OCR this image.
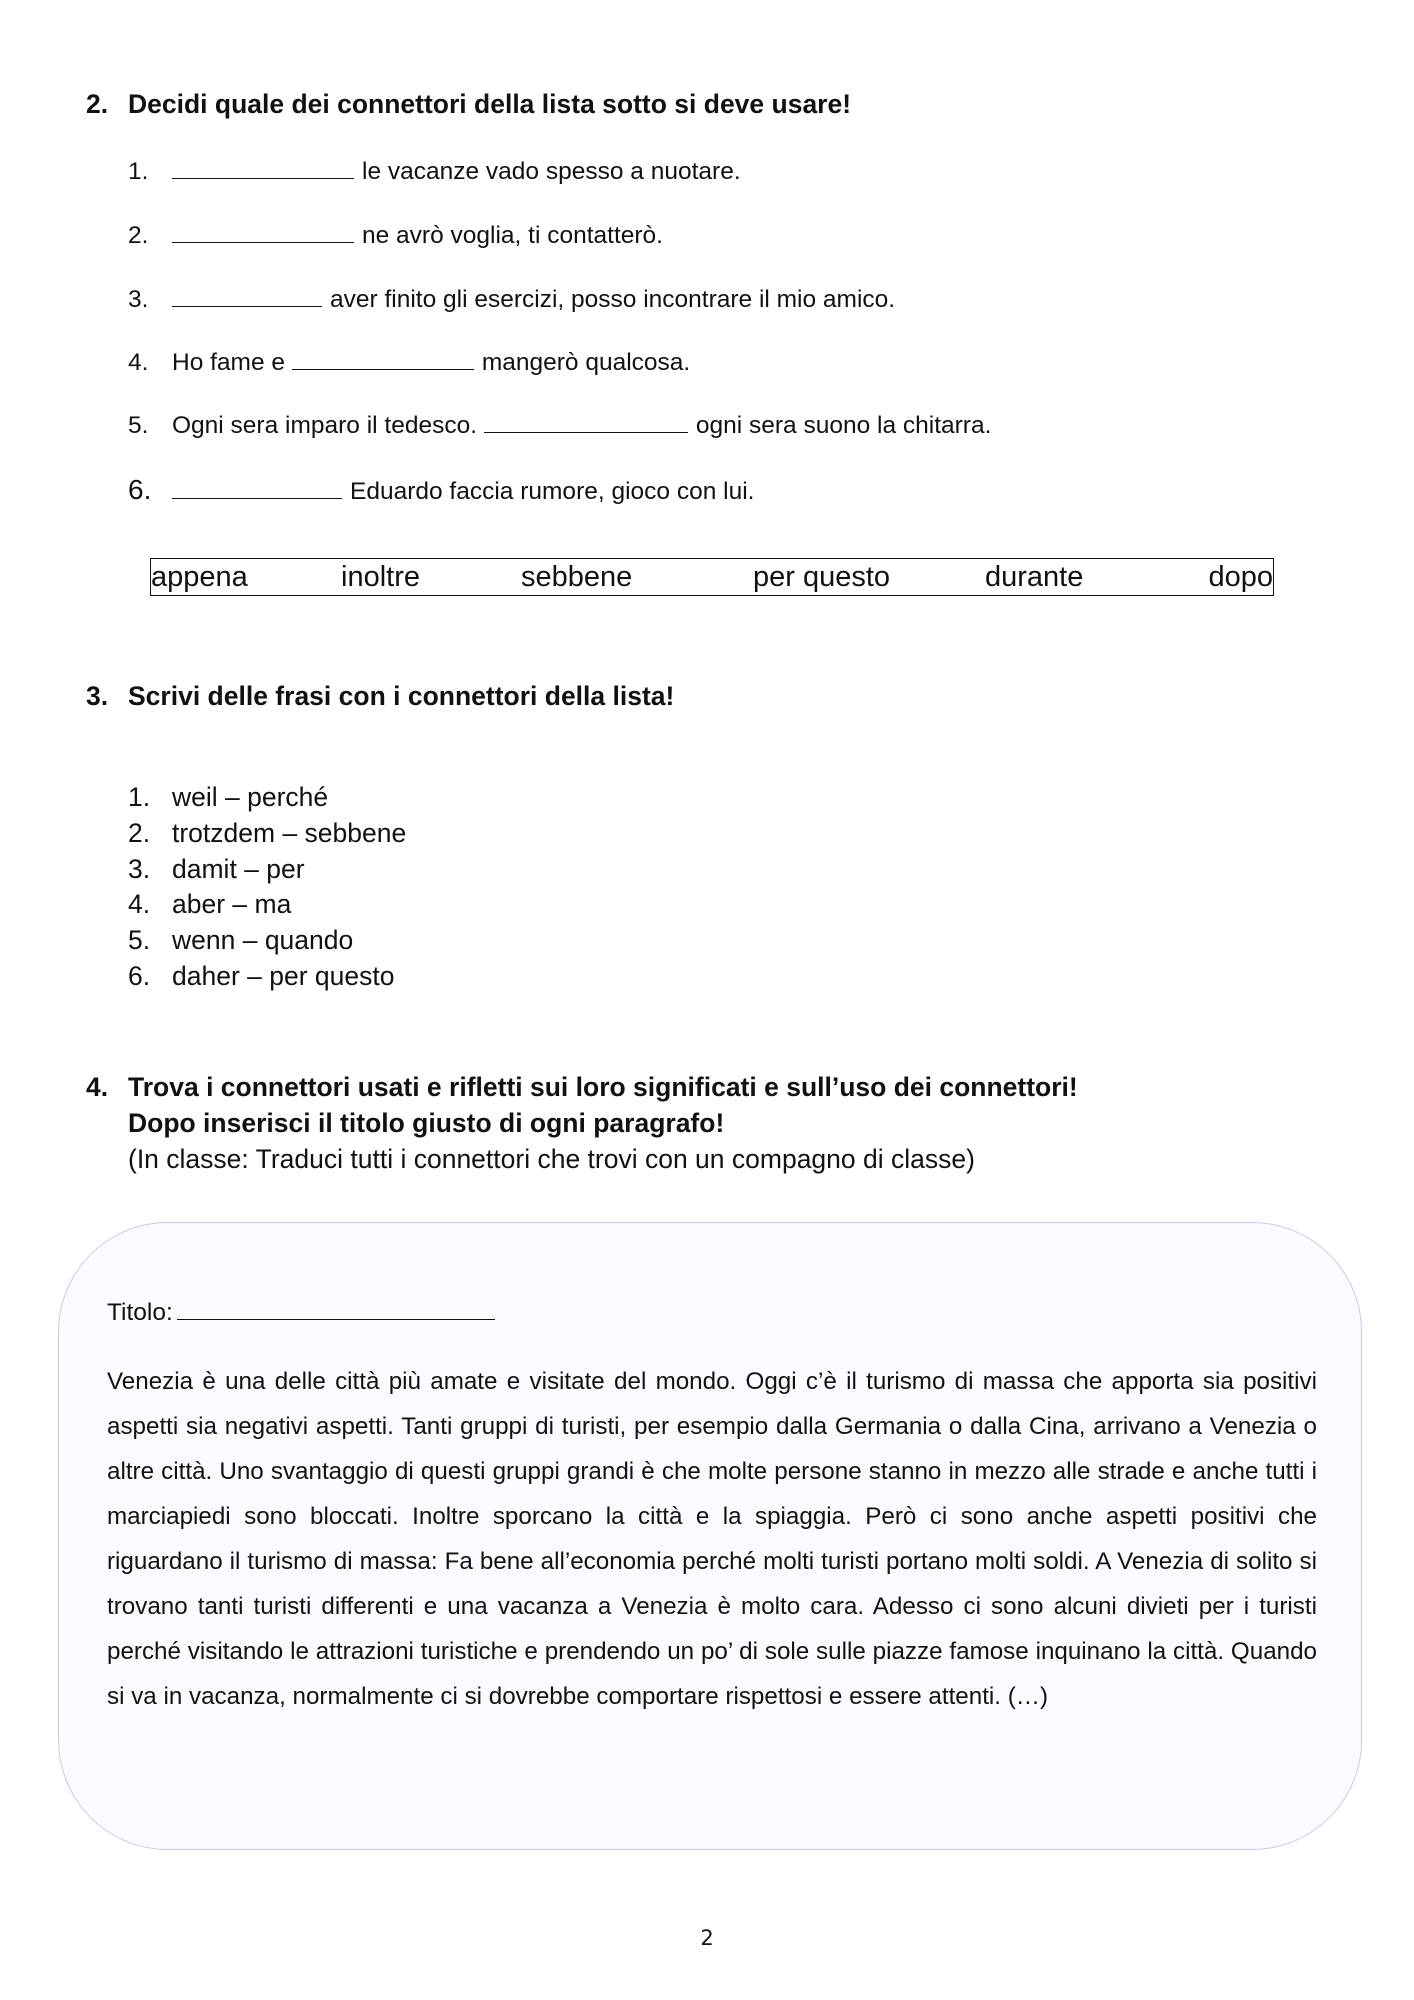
2. Decidi quale dei connettori della lista sotto si deve usare!
1.	le vacanze vado spesso a nuotare.
2.	ne avrò voglia, ti contatterò.
3.	aver finito gli esercizi, posso incontrare il mio amico.
4. Ho fame e	mangerò qualcosa.
5. Ogni sera imparo il tedesco.	ogni sera suono la chitarra.
6.	Eduardo faccia rumore, gioco con lui.
appena	inoltre	sebbene	per questo	durante	dopo
3. Scrivi delle frasi con i connettori della lista!
1. weil – perché
2. trotzdem – sebbene
3. damit – per
4. aber – ma
5. wenn – quando
6. daher – per questo
4. Trova i connettori usati e rifletti sui loro significati e sull’uso dei connettori!
Dopo inserisci il titolo giusto di ogni paragrafo!
(In classe: Traduci tutti i connettori che trovi con un compagno di classe)
Titolo:
Venezia è una delle città più amate e visitate del mondo. Oggi c’è il turismo di massa che apporta sia positivi aspetti sia negativi aspetti. Tanti gruppi di turisti, per esempio dalla Germania o dalla Cina, arrivano a Venezia o altre città. Uno svantaggio di questi gruppi grandi è che molte persone stanno in mezzo alle strade e anche tutti i marciapiedi sono bloccati. Inoltre sporcano la città e la spiaggia. Però ci sono anche aspetti positivi che riguardano il turismo di massa: Fa bene all’economia perché molti turisti portano molti soldi. A Venezia di solito si trovano tanti turisti differenti e una vacanza a Venezia è molto cara. Adesso ci sono alcuni divieti per i turisti perché visitando le attrazioni turistiche e prendendo un po’ di sole sulle piazze famose inquinano la città. Quando si va in vacanza, normalmente ci si dovrebbe comportare rispettosi e essere attenti. (…)
2
